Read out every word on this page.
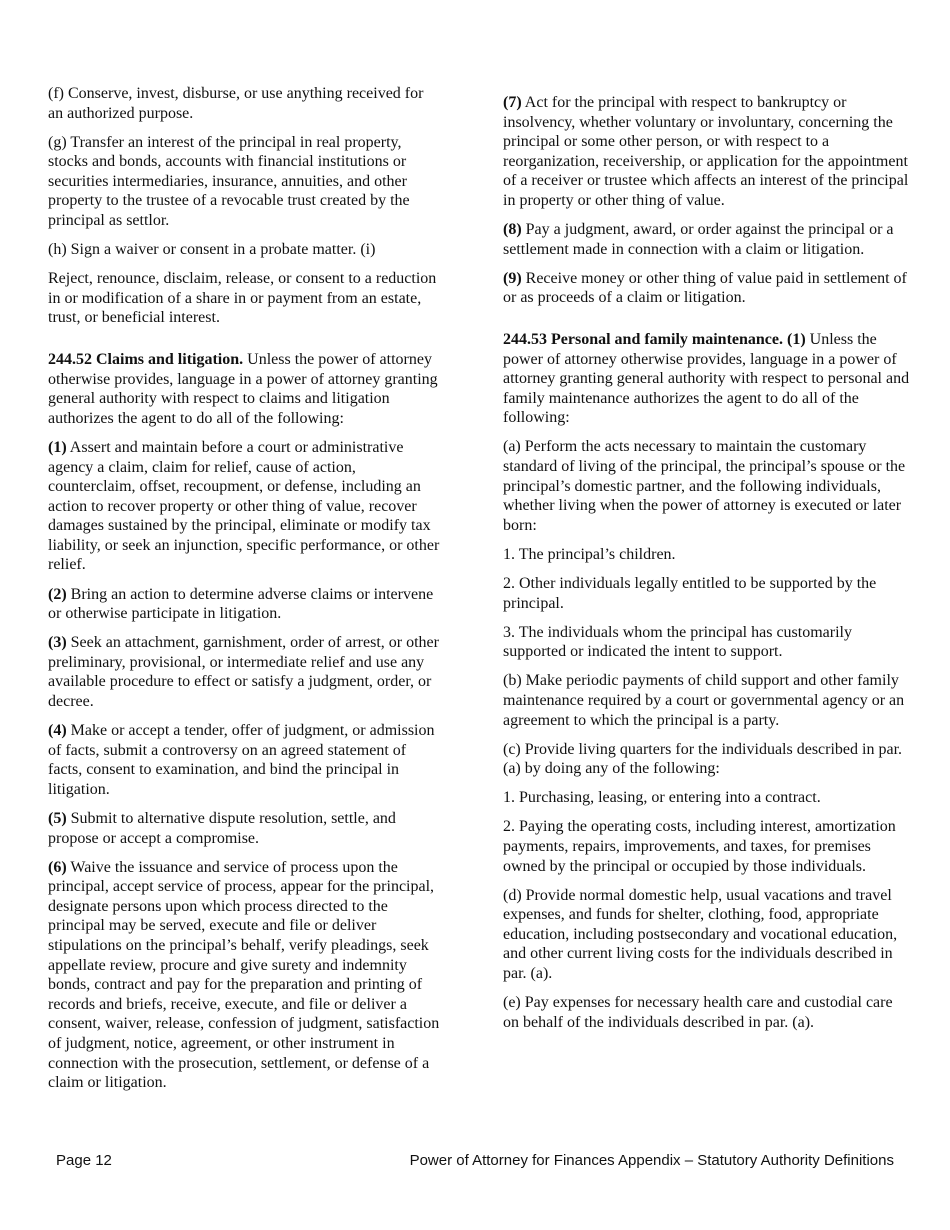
(f) Conserve, invest, disburse, or use anything received for an authorized purpose.

(g) Transfer an interest of the principal in real property, stocks and bonds, accounts with financial institutions or securities intermediaries, insurance, annuities, and other property to the trustee of a revocable trust created by the principal as settlor.

(h) Sign a waiver or consent in a probate matter. (i)

Reject, renounce, disclaim, release, or consent to a reduction in or modification of a share in or payment from an estate, trust, or beneficial interest.

244.52 Claims and litigation. Unless the power of attorney otherwise provides, language in a power of attorney granting general authority with respect to claims and litigation authorizes the agent to do all of the following:

(1) Assert and maintain before a court or administrative agency a claim, claim for relief, cause of action, counterclaim, offset, recoupment, or defense, including an action to recover property or other thing of value, recover damages sustained by the principal, eliminate or modify tax liability, or seek an injunction, specific performance, or other relief.

(2) Bring an action to determine adverse claims or intervene or otherwise participate in litigation.

(3) Seek an attachment, garnishment, order of arrest, or other preliminary, provisional, or intermediate relief and use any available procedure to effect or satisfy a judgment, order, or decree.

(4) Make or accept a tender, offer of judgment, or admission of facts, submit a controversy on an agreed statement of facts, consent to examination, and bind the principal in litigation.

(5) Submit to alternative dispute resolution, settle, and propose or accept a compromise.

(6) Waive the issuance and service of process upon the principal, accept service of process, appear for the principal, designate persons upon which process directed to the principal may be served, execute and file or deliver stipulations on the principal’s behalf, verify pleadings, seek appellate review, procure and give surety and indemnity bonds, contract and pay for the preparation and printing of records and briefs, receive, execute, and file or deliver a consent, waiver, release, confession of judgment, satisfaction of judgment, notice, agreement, or other instrument in connection with the prosecution, settlement, or defense of a claim or litigation.

(7) Act for the principal with respect to bankruptcy or insolvency, whether voluntary or involuntary, concerning the principal or some other person, or with respect to a reorganization, receivership, or application for the appointment of a receiver or trustee which affects an interest of the principal in property or other thing of value.

(8) Pay a judgment, award, or order against the principal or a settlement made in connection with a claim or litigation.

(9) Receive money or other thing of value paid in settlement of or as proceeds of a claim or litigation.

244.53 Personal and family maintenance. (1) Unless the power of attorney otherwise provides, language in a power of attorney granting general authority with respect to personal and family maintenance authorizes the agent to do all of the following:

(a) Perform the acts necessary to maintain the customary standard of living of the principal, the principal’s spouse or the principal’s domestic partner, and the following individuals, whether living when the power of attorney is executed or later born:

1. The principal’s children.

2. Other individuals legally entitled to be supported by the principal.

3. The individuals whom the principal has customarily supported or indicated the intent to support.

(b) Make periodic payments of child support and other family maintenance required by a court or governmental agency or an agreement to which the principal is a party.

(c) Provide living quarters for the individuals described in par. (a) by doing any of the following:

1. Purchasing, leasing, or entering into a contract.

2. Paying the operating costs, including interest, amortization payments, repairs, improvements, and taxes, for premises owned by the principal or occupied by those individuals.

(d) Provide normal domestic help, usual vacations and travel expenses, and funds for shelter, clothing, food, appropriate education, including postsecondary and vocational education, and other current living costs for the individuals described in par. (a).

(e) Pay expenses for necessary health care and custodial care on behalf of the individuals described in par. (a).

Page 12	Power of Attorney for Finances Appendix – Statutory Authority Definitions
